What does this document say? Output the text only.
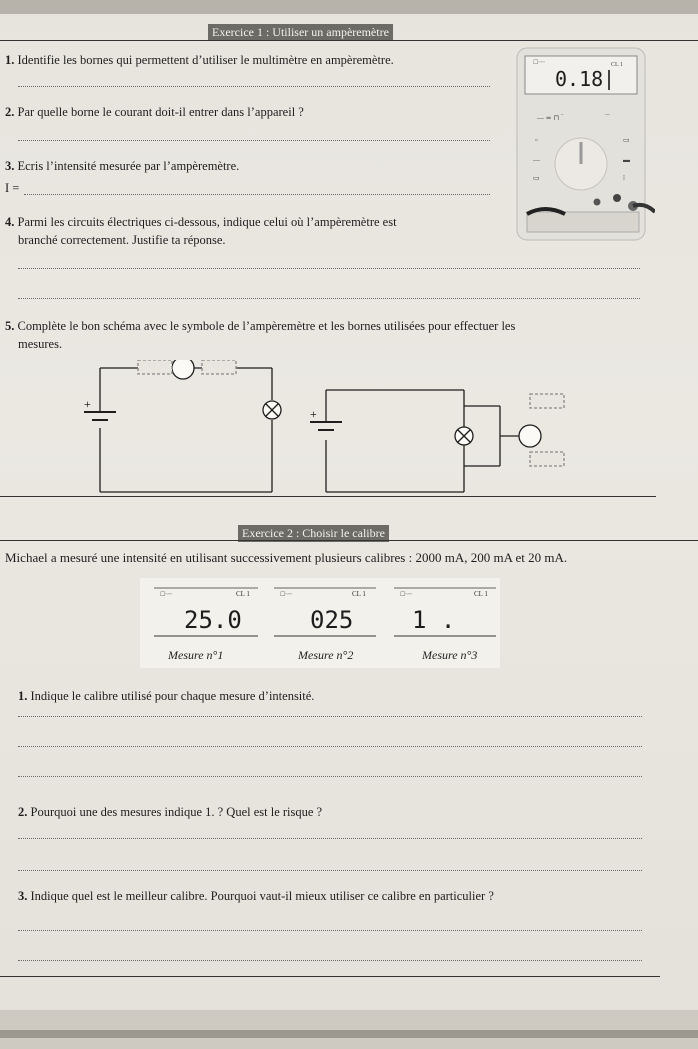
Exercice 1 : Utiliser un ampèremètre
1. Identifie les bornes qui permettent d’utiliser le multimètre en ampèremètre.
2. Par quelle borne le courant doit-il entrer dans l’appareil ?
3. Ecris l’intensité mesurée par l’ampèremètre.
I =
4. Parmi les circuits électriques ci-dessous, indique celui où l’ampèremètre est
branché correctement. Justifie ta réponse.
5. Complète le bon schéma avec le symbole de l’ampèremètre et les bornes utilisées pour effectuer les
mesures.
CL 1
☐~~
0.18
— ≂ ⊓ ‾	‾‾
▫	▭
—	▬
▭	⁞
+
+
Exercice 2 : Choisir le calibre
Michael a mesuré une intensité en utilisant successivement plusieurs calibres : 2000 mA, 200 mA et 20 mA.
☐~~	CL 1
25.0
☐~~	CL 1
025
☐~~	CL 1
1 .
Mesure n°1	Mesure n°2	Mesure n°3
1. Indique le calibre utilisé pour chaque mesure d’intensité.
2. Pourquoi une des mesures indique 1. ? Quel est le risque ?
3. Indique quel est le meilleur calibre. Pourquoi vaut-il mieux utiliser ce calibre en particulier ?
